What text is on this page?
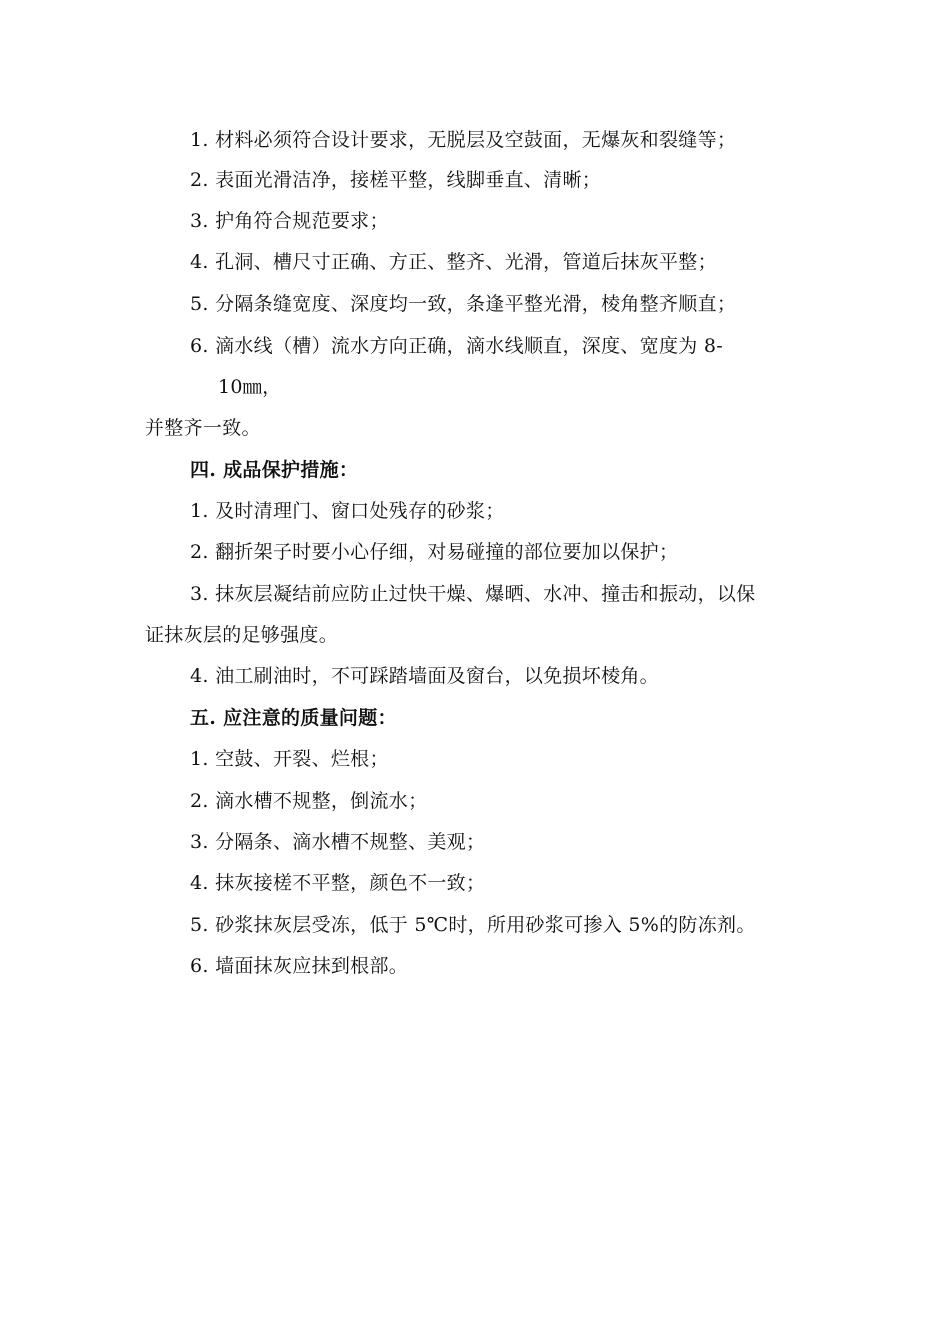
1. 材料必须符合设计要求，无脱层及空鼓面，无爆灰和裂缝等；
2. 表面光滑洁净，接槎平整，线脚垂直、清晰；
3. 护角符合规范要求；
4. 孔洞、槽尺寸正确、方正、整齐、光滑，管道后抹灰平整；
5. 分隔条缝宽度、深度均一致，条逢平整光滑，棱角整齐顺直；
6. 滴水线（槽）流水方向正确，滴水线顺直，深度、宽度为 8-
10㎜，
并整齐一致。
四. 成品保护措施：
1. 及时清理门、窗口处残存的砂浆；
2. 翻折架子时要小心仔细，对易碰撞的部位要加以保护；
3. 抹灰层凝结前应防止过快干燥、爆晒、水冲、撞击和振动，以保
证抹灰层的足够强度。
4. 油工刷油时，不可踩踏墙面及窗台，以免损坏棱角。
五. 应注意的质量问题：
1. 空鼓、开裂、烂根；
2. 滴水槽不规整，倒流水；
3. 分隔条、滴水槽不规整、美观；
4. 抹灰接槎不平整，颜色不一致；
5. 砂浆抹灰层受冻，低于 5℃时，所用砂浆可掺入 5%的防冻剂。
6. 墙面抹灰应抹到根部。
